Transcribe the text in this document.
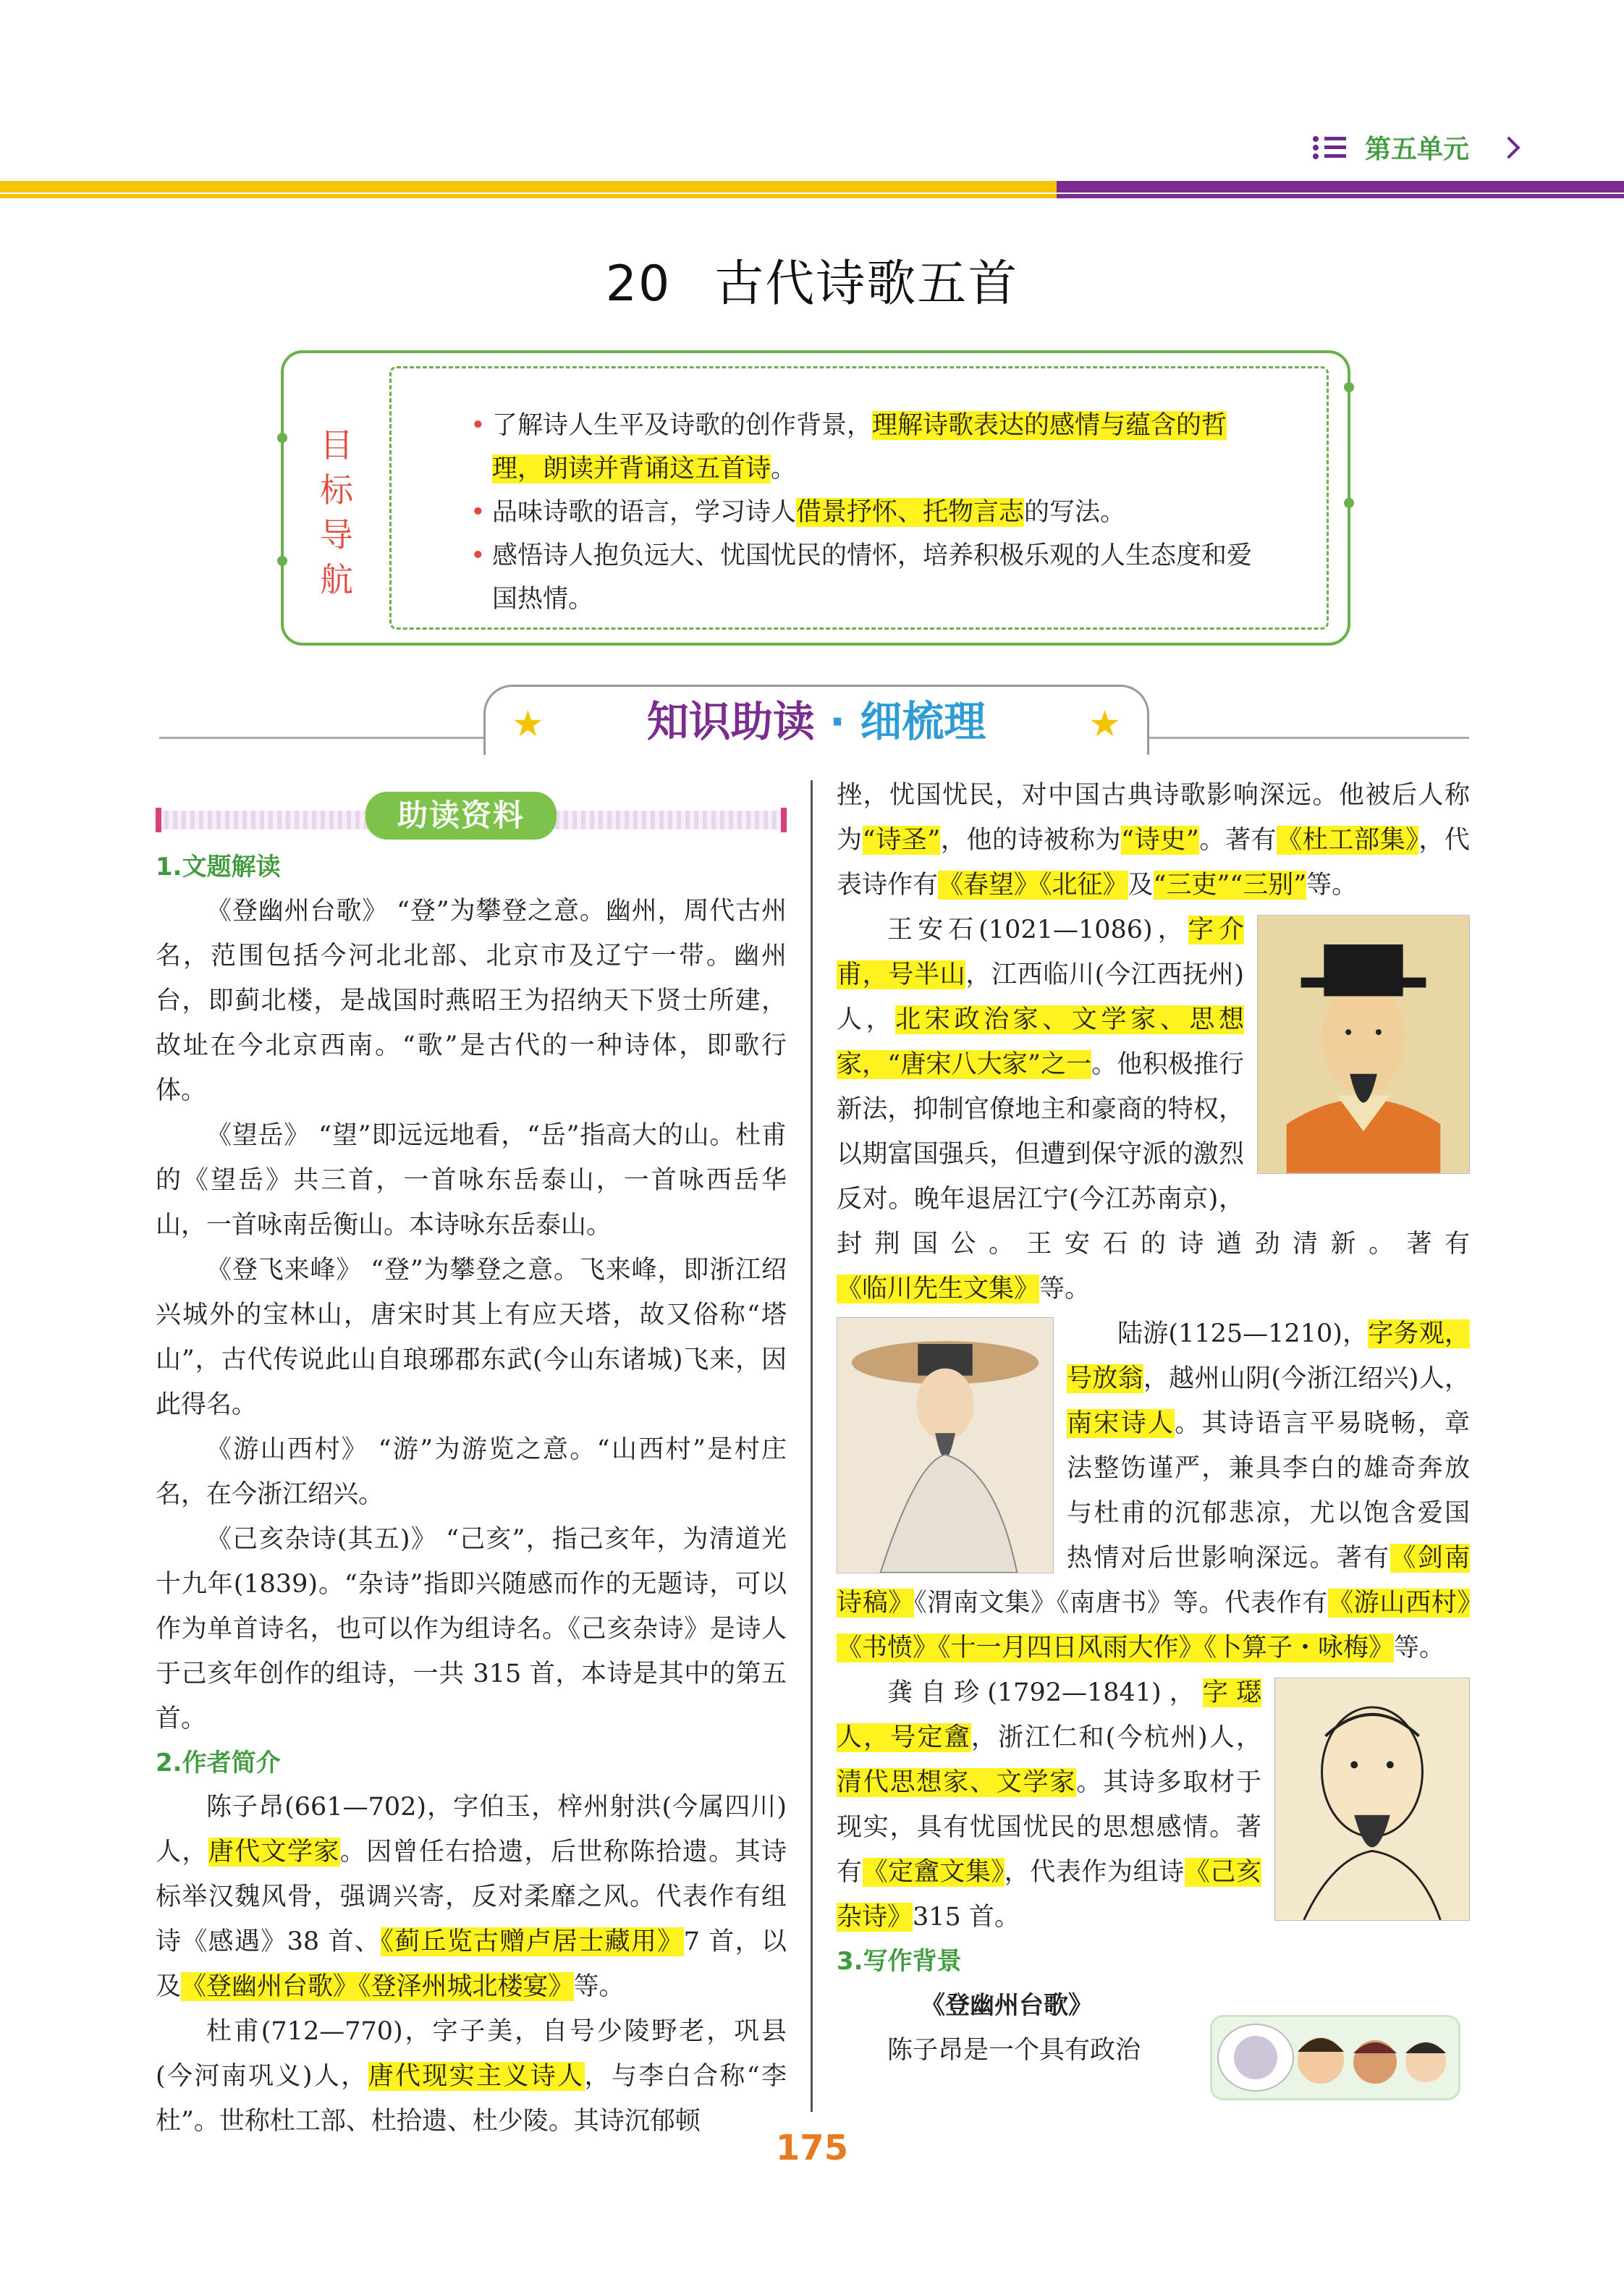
第五单元
20 古代诗歌五首
目
标
导
航
• 了解诗人生平及诗歌的创作背景，理解诗歌表达的感情与蕴含的哲理，朗读并背诵这五首诗。
• 品味诗歌的语言，学习诗人借景抒怀、托物言志的写法。
• 感悟诗人抱负远大、忧国忧民的情怀，培养积极乐观的人生态度和爱国热情。
★ 知识助读 · 细梳理	★
助读资料

1.文题解读

《登幽州台歌》 “登”为攀登之意。幽州，周代古州名，范围包括今河北北部、北京市及辽宁一带。幽州台，即蓟北楼，是战国时燕昭王为招纳天下贤士所建，故址在今北京西南。“歌”是古代的一种诗体，即歌行体。

《望岳》 “望”即远远地看，“岳”指高大的山。杜甫的《望岳》共三首，一首咏东岳泰山，一首咏西岳华山，一首咏南岳衡山。本诗咏东岳泰山。

《登飞来峰》 “登”为攀登之意。飞来峰，即浙江绍兴城外的宝林山，唐宋时其上有应天塔，故又俗称“塔山”，古代传说此山自琅琊郡东武(今山东诸城)飞来，因此得名。

《游山西村》 “游”为游览之意。“山西村”是村庄名，在今浙江绍兴。

《己亥杂诗(其五)》 “己亥”，指己亥年，为清道光十九年(1839)。“杂诗”指即兴随感而作的无题诗，可以作为单首诗名，也可以作为组诗名。《己亥杂诗》是诗人于己亥年创作的组诗，一共 315 首，本诗是其中的第五首。

2.作者简介

陈子昂(661—702)，字伯玉，梓州射洪(今属四川)人，唐代文学家。因曾任右拾遗，后世称陈拾遗。其诗标举汉魏风骨，强调兴寄，反对柔靡之风。代表作有组诗《感遇》38 首、《蓟丘览古赠卢居士藏用》7 首，以及《登幽州台歌》《登泽州城北楼宴》等。

杜甫(712—770)，字子美，自号少陵野老，巩县(今河南巩义)人，唐代现实主义诗人，与李白合称“李杜”。世称杜工部、杜拾遗、杜少陵。其诗沉郁顿

挫，忧国忧民，对中国古典诗歌影响深远。他被后人称为“诗圣”，他的诗被称为“诗史”。著有《杜工部集》，代表诗作有《春望》《北征》及“三吏”“三别”等。

王安石(1021—1086)，字介甫，号半山，江西临川(今江西抚州)人，北宋政治家、文学家、思想家，“唐宋八大家”之一。他积极推行新法，抑制官僚地主和豪商的特权，以期富国强兵，但遭到保守派的激烈反对。晚年退居江宁(今江苏南京)，封荆国公。王安石的诗遒劲清新。著有《临川先生文集》等。

陆游(1125—1210)，字务观，号放翁，越州山阴(今浙江绍兴)人，南宋诗人。其诗语言平易晓畅，章法整饬谨严，兼具李白的雄奇奔放与杜甫的沉郁悲凉，尤以饱含爱国热情对后世影响深远。著有《剑南诗稿》《渭南文集》《南唐书》等。代表作有《游山西村》《书愤》《十一月四日风雨大作》《卜算子・咏梅》等。

龚自珍(1792—1841)，字璱人，号定盦，浙江仁和(今杭州)人，清代思想家、文学家。其诗多取材于现实，具有忧国忧民的思想感情。著有《定盦文集》，代表作为组诗《己亥杂诗》315 首。

3.写作背景

《登幽州台歌》

陈子昂是一个具有政治

175
